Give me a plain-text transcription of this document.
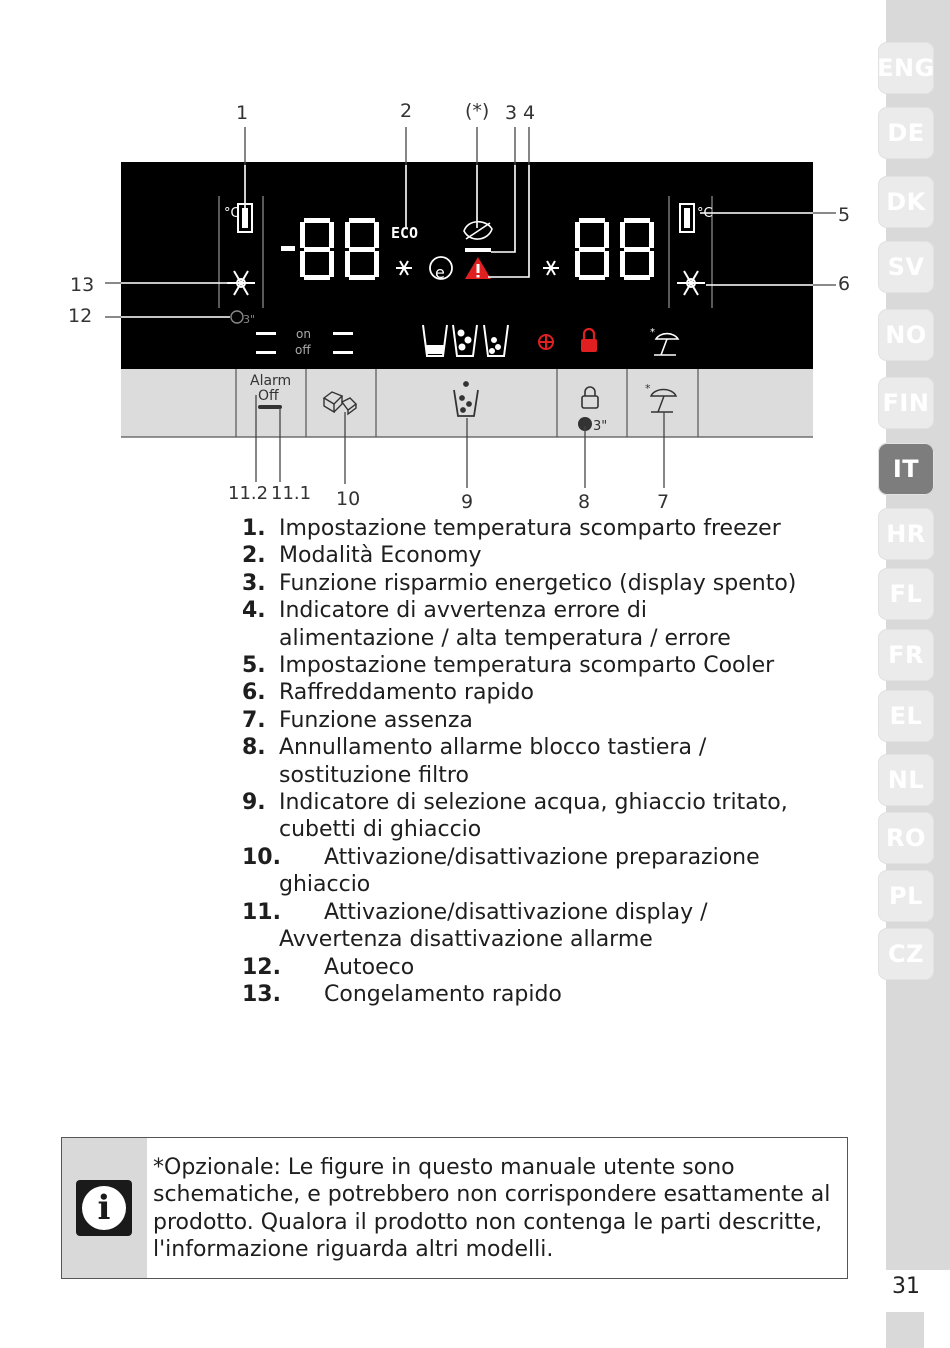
ENG
DE
DK
SV
NO
FIN
IT
HR
FL
FR
EL
NL
RO
PL
CZ
31
°C
3"
ECO
e
°C
on
off
*
Alarm
Off
3"
*
1	2	(*) 3 4
5
6
13
12
11.2 11.1 10	9	8	7
1. Impostazione temperatura scomparto freezer
2. Modalità Economy
3. Funzione risparmio energetico (display spento)
4. Indicatore di avvertenza errore di alimentazione / alta temperatura / errore
5. Impostazione temperatura scomparto Cooler
6. Raffreddamento rapido
7. Funzione assenza
8. Annullamento allarme blocco tastiera / sostituzione filtro
9. Indicatore di selezione acqua, ghiaccio tritato, cubetti di ghiaccio
10. Attivazione/disattivazione preparazione ghiaccio
11. Attivazione/disattivazione display / Avvertenza disattivazione allarme
12. Autoeco
13. Congelamento rapido
i
*Opzionale: Le figure in questo manuale utente sono schematiche, e potrebbero non corrispondere esattamente al prodotto. Qualora il prodotto non contenga le parti descritte, l'informazione riguarda altri modelli.
